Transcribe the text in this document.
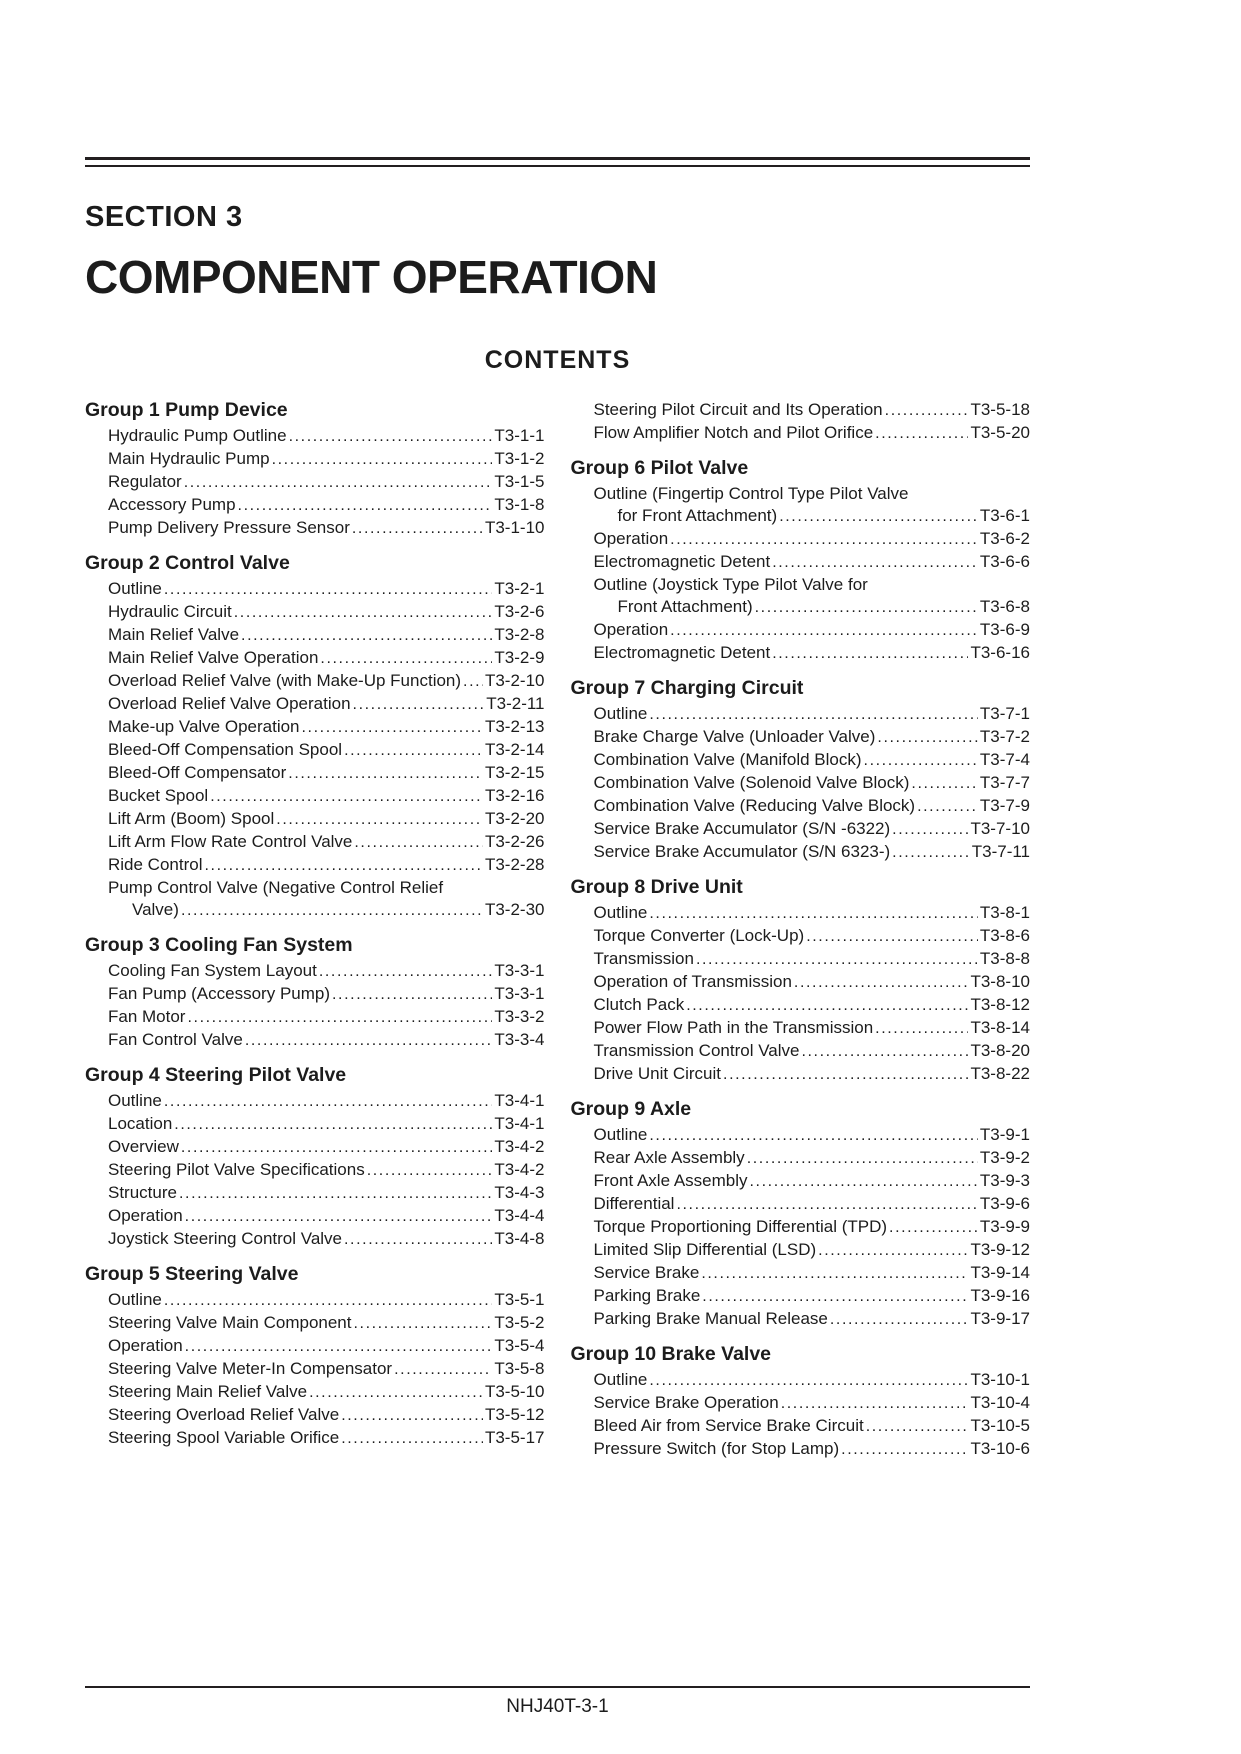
SECTION 3
COMPONENT OPERATION
CONTENTS
Group 1 Pump Device
Hydraulic Pump Outline .....	T3-1-1
Main Hydraulic Pump .....	T3-1-2
Regulator .....	T3-1-5
Accessory Pump .....	T3-1-8
Pump Delivery Pressure Sensor .....	T3-1-10
Group 2 Control Valve
Outline .....	T3-2-1
Hydraulic Circuit .....	T3-2-6
Main Relief Valve .....	T3-2-8
Main Relief Valve Operation .....	T3-2-9
Overload Relief Valve (with Make-Up Function) ..... T3-2-10
Overload Relief Valve Operation .....	T3-2-11
Make-up Valve Operation .....	T3-2-13
Bleed-Off Compensation Spool .....	T3-2-14
Bleed-Off Compensator .....	T3-2-15
Bucket Spool .....	T3-2-16
Lift Arm (Boom) Spool .....	T3-2-20
Lift Arm Flow Rate Control Valve .....	T3-2-26
Ride Control .....	T3-2-28
Pump Control Valve (Negative Control Relief
Valve) .....	T3-2-30
Group 3 Cooling Fan System
Cooling Fan System Layout .....	T3-3-1
Fan Pump (Accessory Pump) .....	T3-3-1
Fan Motor .....	T3-3-2
Fan Control Valve .....	T3-3-4
Group 4 Steering Pilot Valve
Outline .....	T3-4-1
Location .....	T3-4-1
Overview .....	T3-4-2
Steering Pilot Valve Specifications .....	T3-4-2
Structure .....	T3-4-3
Operation .....	T3-4-4
Joystick Steering Control Valve .....	T3-4-8
Group 5 Steering Valve
Outline .....	T3-5-1
Steering Valve Main Component .....	T3-5-2
Operation .....	T3-5-4
Steering Valve Meter-In Compensator .....	T3-5-8
Steering Main Relief Valve .....	T3-5-10
Steering Overload Relief Valve .....	T3-5-12
Steering Spool Variable Orifice .....	T3-5-17
Steering Pilot Circuit and Its Operation .....	T3-5-18
Flow Amplifier Notch and Pilot Orifice .....	T3-5-20
Group 6 Pilot Valve
Outline (Fingertip Control Type Pilot Valve
for Front Attachment) .....	T3-6-1
Operation .....	T3-6-2
Electromagnetic Detent .....	T3-6-6
Outline (Joystick Type Pilot Valve for
Front Attachment) .....	T3-6-8
Operation .....	T3-6-9
Electromagnetic Detent .....	T3-6-16
Group 7 Charging Circuit
Outline .....	T3-7-1
Brake Charge Valve (Unloader Valve) .....	T3-7-2
Combination Valve (Manifold Block) .....	T3-7-4
Combination Valve (Solenoid Valve Block) .....	T3-7-7
Combination Valve (Reducing Valve Block) .....	T3-7-9
Service Brake Accumulator (S/N -6322) .....	T3-7-10
Service Brake Accumulator (S/N 6323-) .....	T3-7-11
Group 8 Drive Unit
Outline .....	T3-8-1
Torque Converter (Lock-Up) .....	T3-8-6
Transmission .....	T3-8-8
Operation of Transmission .....	T3-8-10
Clutch Pack .....	T3-8-12
Power Flow Path in the Transmission .....	T3-8-14
Transmission Control Valve .....	T3-8-20
Drive Unit Circuit .....	T3-8-22
Group 9 Axle
Outline .....	T3-9-1
Rear Axle Assembly .....	T3-9-2
Front Axle Assembly .....	T3-9-3
Differential .....	T3-9-6
Torque Proportioning Differential (TPD) .....	T3-9-9
Limited Slip Differential (LSD) .....	T3-9-12
Service Brake .....	T3-9-14
Parking Brake .....	T3-9-16
Parking Brake Manual Release .....	T3-9-17
Group 10 Brake Valve
Outline .....	T3-10-1
Service Brake Operation .....	T3-10-4
Bleed Air from Service Brake Circuit .....	T3-10-5
Pressure Switch (for Stop Lamp) .....	T3-10-6
NHJ40T-3-1
